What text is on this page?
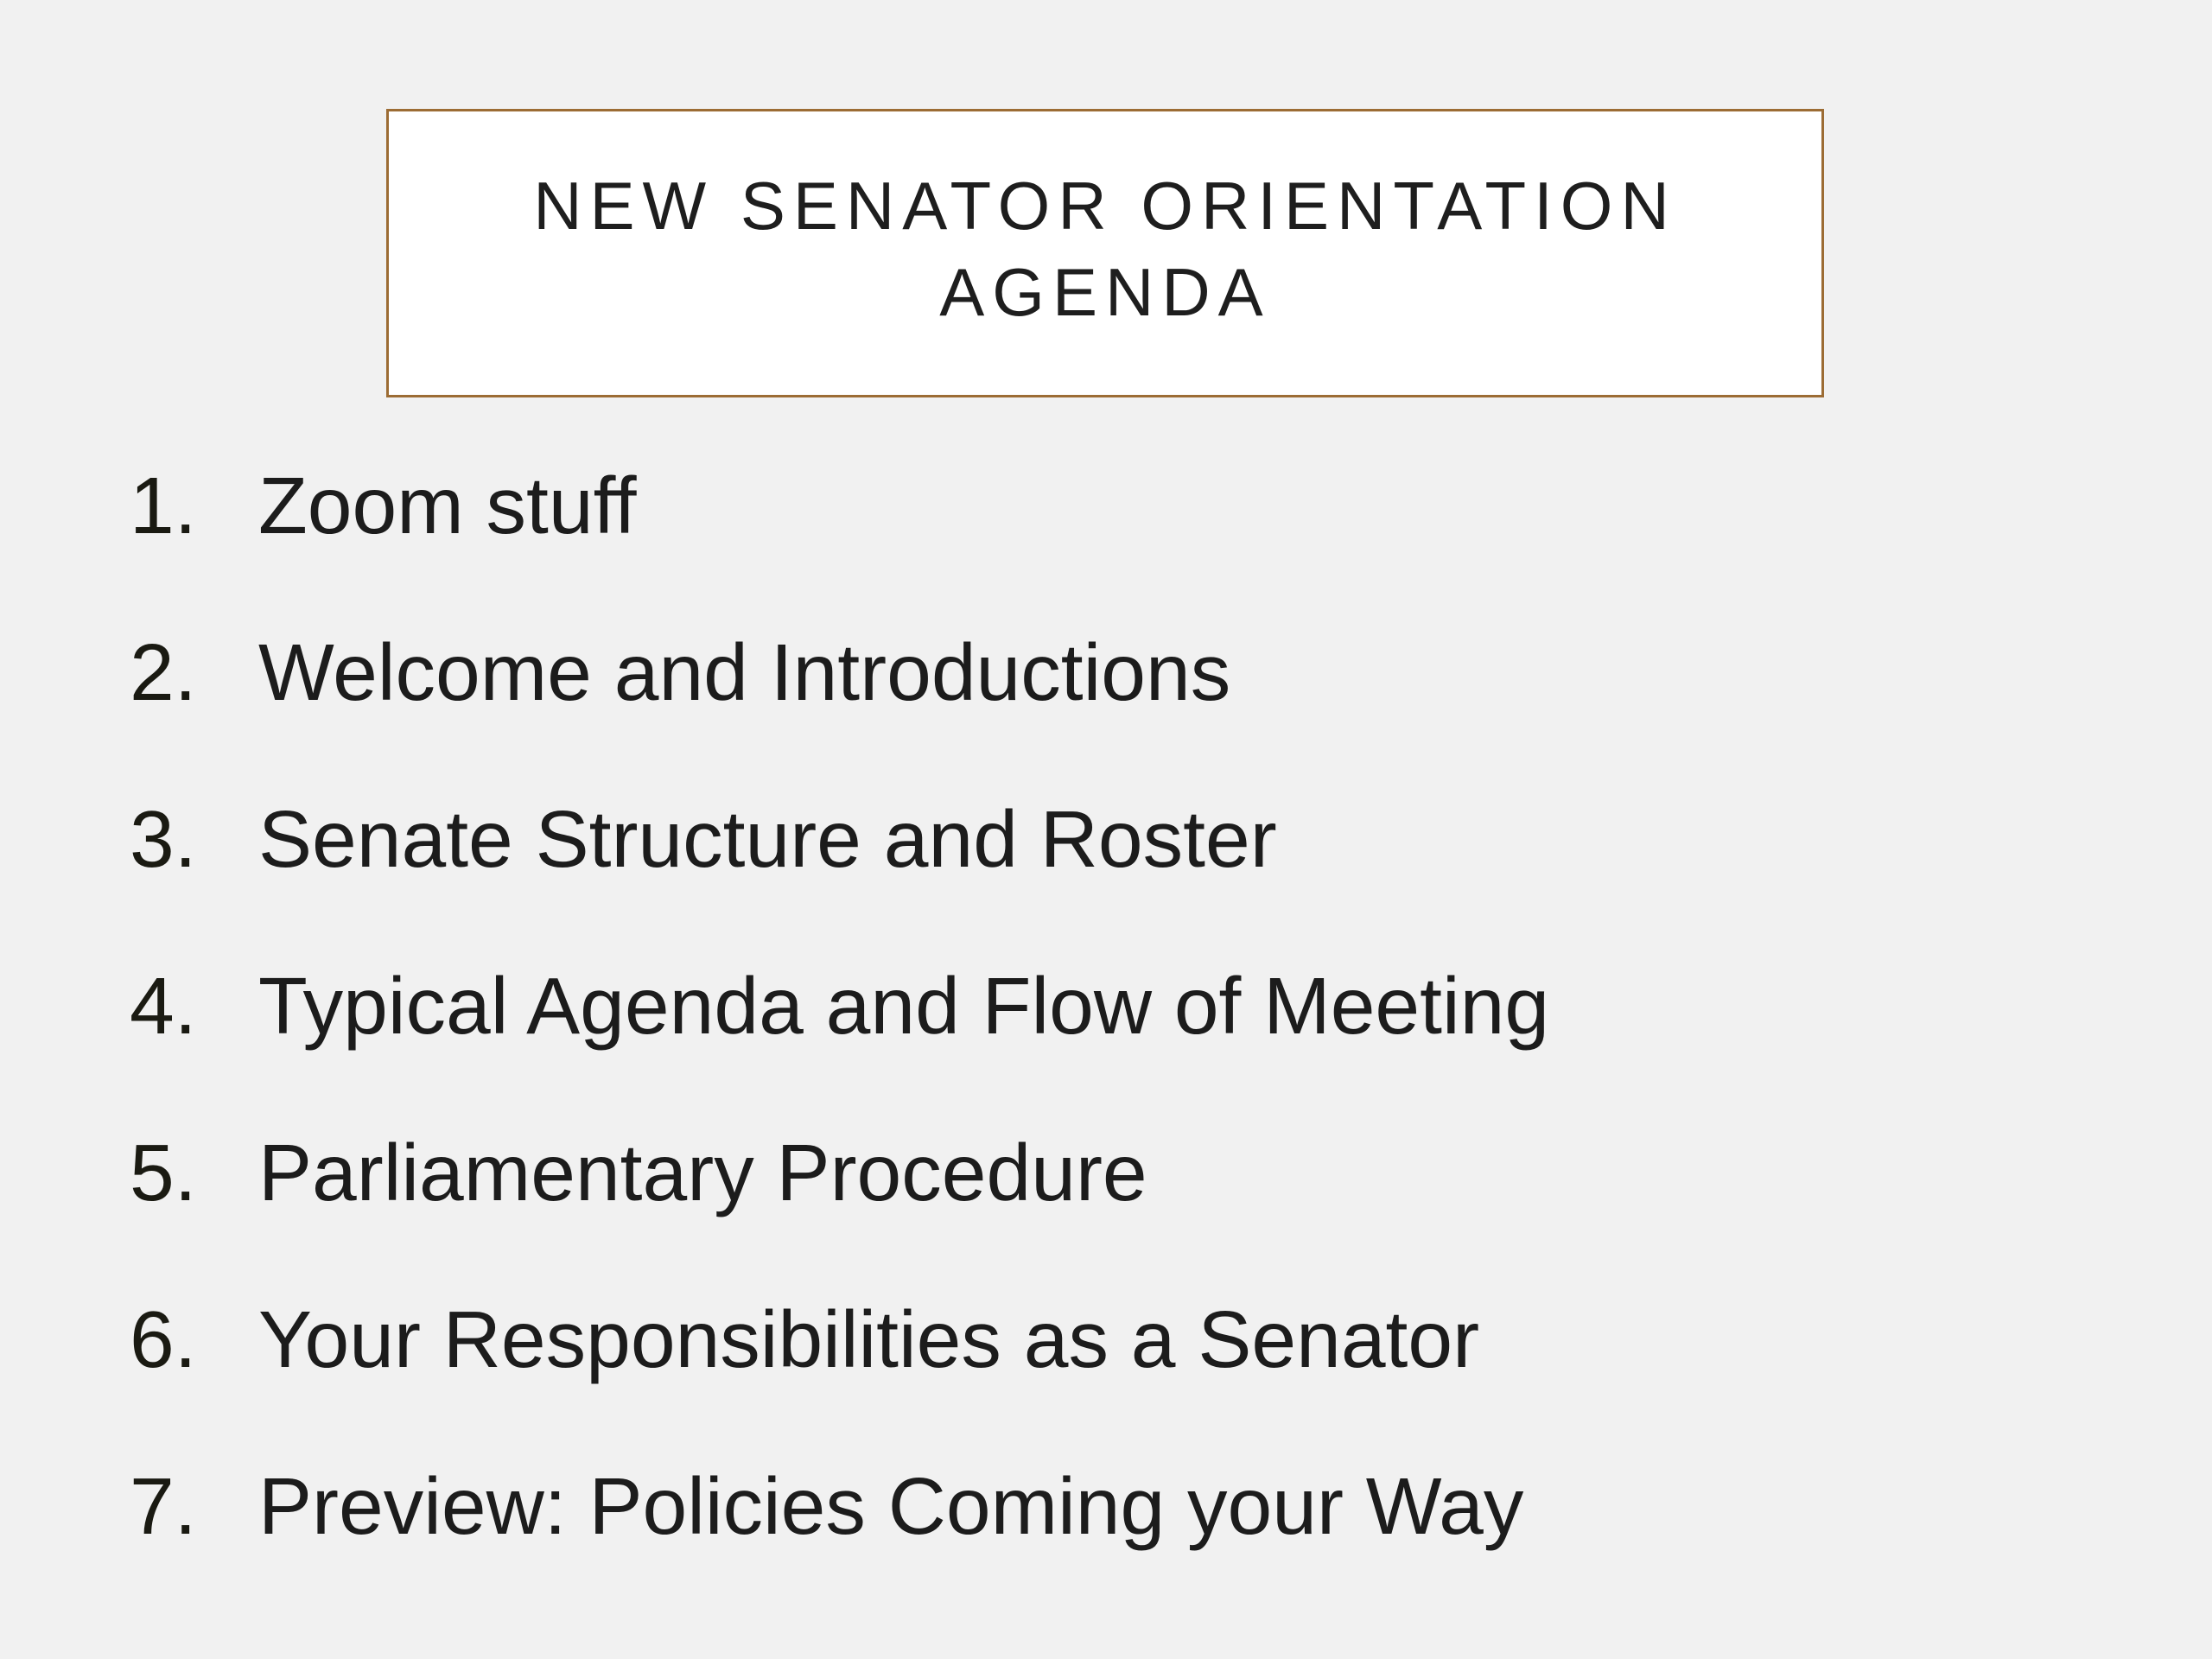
NEW SENATOR ORIENTATION
AGENDA
1. Zoom stuff
2. Welcome and Introductions
3. Senate Structure and Roster
4. Typical Agenda and Flow of Meeting
5. Parliamentary Procedure
6. Your Responsibilities as a Senator
7. Preview: Policies Coming your Way
